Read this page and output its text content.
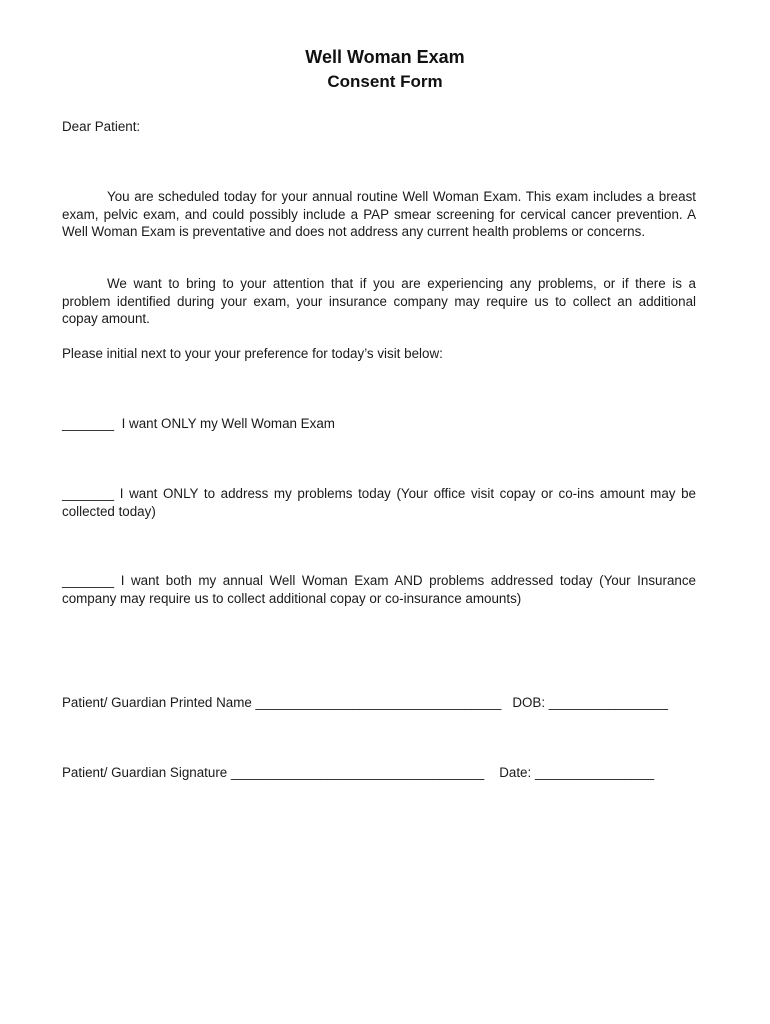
Well Woman Exam
Consent Form

Dear Patient:

You are scheduled today for your annual routine Well Woman Exam. This exam includes a breast exam, pelvic exam, and could possibly include a PAP smear screening for cervical cancer prevention. A Well Woman Exam is preventative and does not address any current health problems or concerns.

We want to bring to your attention that if you are experiencing any problems, or if there is a problem identified during your exam, your insurance company may require us to collect an additional copay amount.

Please initial next to your your preference for today’s visit below:

_______ I want ONLY my Well Woman Exam

_______ I want ONLY to address my problems today (Your office visit copay or co-ins amount may be collected today)

_______ I want both my annual Well Woman Exam AND problems addressed today (Your Insurance company may require us to collect additional copay or co-insurance amounts)

Patient/ Guardian Printed Name _________________________________ DOB: ________________
Patient/ Guardian Signature __________________________________ Date: ________________
